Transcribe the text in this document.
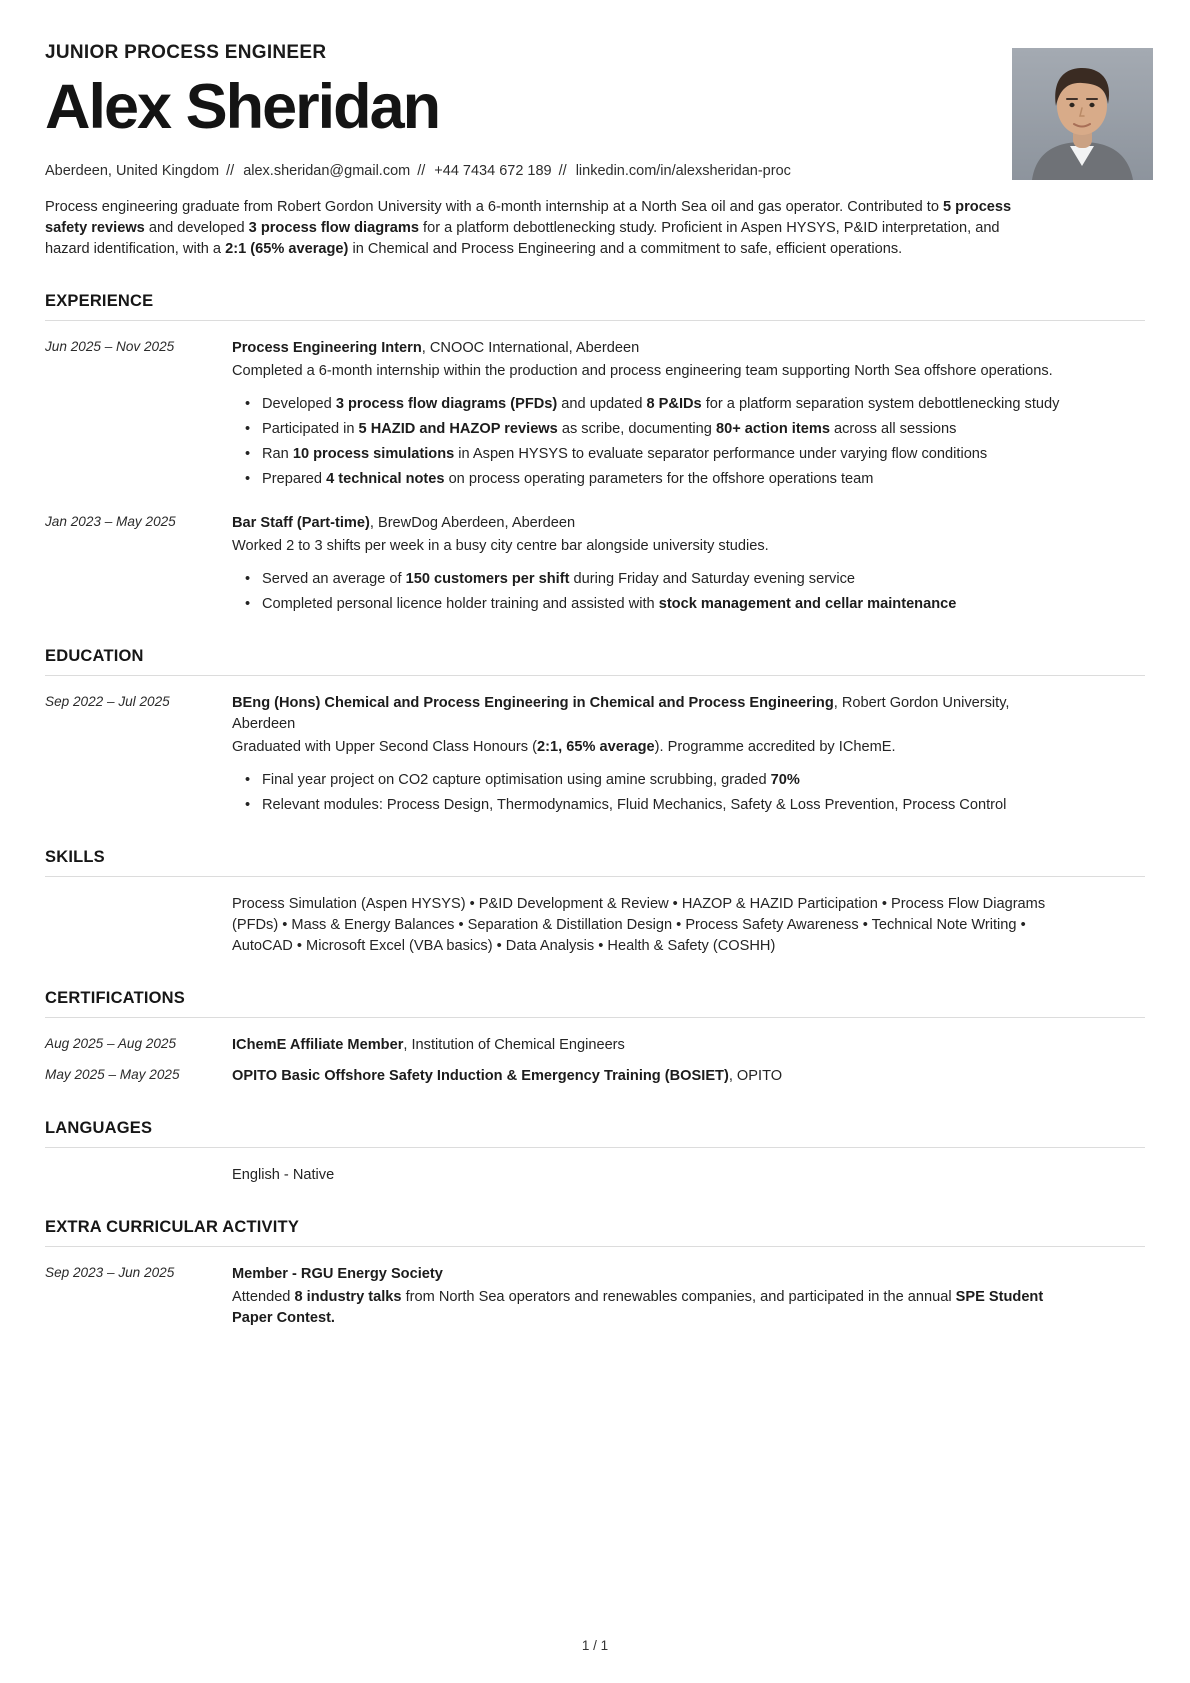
JUNIOR PROCESS ENGINEER
Alex Sheridan
Aberdeen, United Kingdom // alex.sheridan@gmail.com // +44 7434 672 189 // linkedin.com/in/alexsheridan-proc

Process engineering graduate from Robert Gordon University with a 6-month internship at a North Sea oil and gas operator. Contributed to 5 process safety reviews and developed 3 process flow diagrams for a platform debottlenecking study. Proficient in Aspen HYSYS, P&ID interpretation, and hazard identification, with a 2:1 (65% average) in Chemical and Process Engineering and a commitment to safe, efficient operations.

EXPERIENCE
Jun 2025 – Nov 2025	Process Engineering Intern, CNOOC International, Aberdeen
Completed a 6-month internship within the production and process engineering team supporting North Sea offshore operations.
• Developed 3 process flow diagrams (PFDs) and updated 8 P&IDs for a platform separation system debottlenecking study
• Participated in 5 HAZID and HAZOP reviews as scribe, documenting 80+ action items across all sessions
• Ran 10 process simulations in Aspen HYSYS to evaluate separator performance under varying flow conditions
• Prepared 4 technical notes on process operating parameters for the offshore operations team
Jan 2023 – May 2025	Bar Staff (Part-time), BrewDog Aberdeen, Aberdeen
Worked 2 to 3 shifts per week in a busy city centre bar alongside university studies.
• Served an average of 150 customers per shift during Friday and Saturday evening service
• Completed personal licence holder training and assisted with stock management and cellar maintenance
EDUCATION
Sep 2022 – Jul 2025	BEng (Hons) Chemical and Process Engineering in Chemical and Process Engineering, Robert Gordon University, Aberdeen
Graduated with Upper Second Class Honours (2:1, 65% average). Programme accredited by IChemE.
• Final year project on CO2 capture optimisation using amine scrubbing, graded 70%
• Relevant modules: Process Design, Thermodynamics, Fluid Mechanics, Safety & Loss Prevention, Process Control
SKILLS
Process Simulation (Aspen HYSYS) • P&ID Development & Review • HAZOP & HAZID Participation • Process Flow Diagrams (PFDs) • Mass & Energy Balances • Separation & Distillation Design • Process Safety Awareness • Technical Note Writing • AutoCAD • Microsoft Excel (VBA basics) • Data Analysis • Health & Safety (COSHH)
CERTIFICATIONS
Aug 2025 – Aug 2025	IChemE Affiliate Member, Institution of Chemical Engineers
May 2025 – May 2025	OPITO Basic Offshore Safety Induction & Emergency Training (BOSIET), OPITO
LANGUAGES
English - Native
EXTRA CURRICULAR ACTIVITY
Sep 2023 – Jun 2025	Member - RGU Energy Society
Attended 8 industry talks from North Sea operators and renewables companies, and participated in the annual SPE Student Paper Contest.
1 / 1
